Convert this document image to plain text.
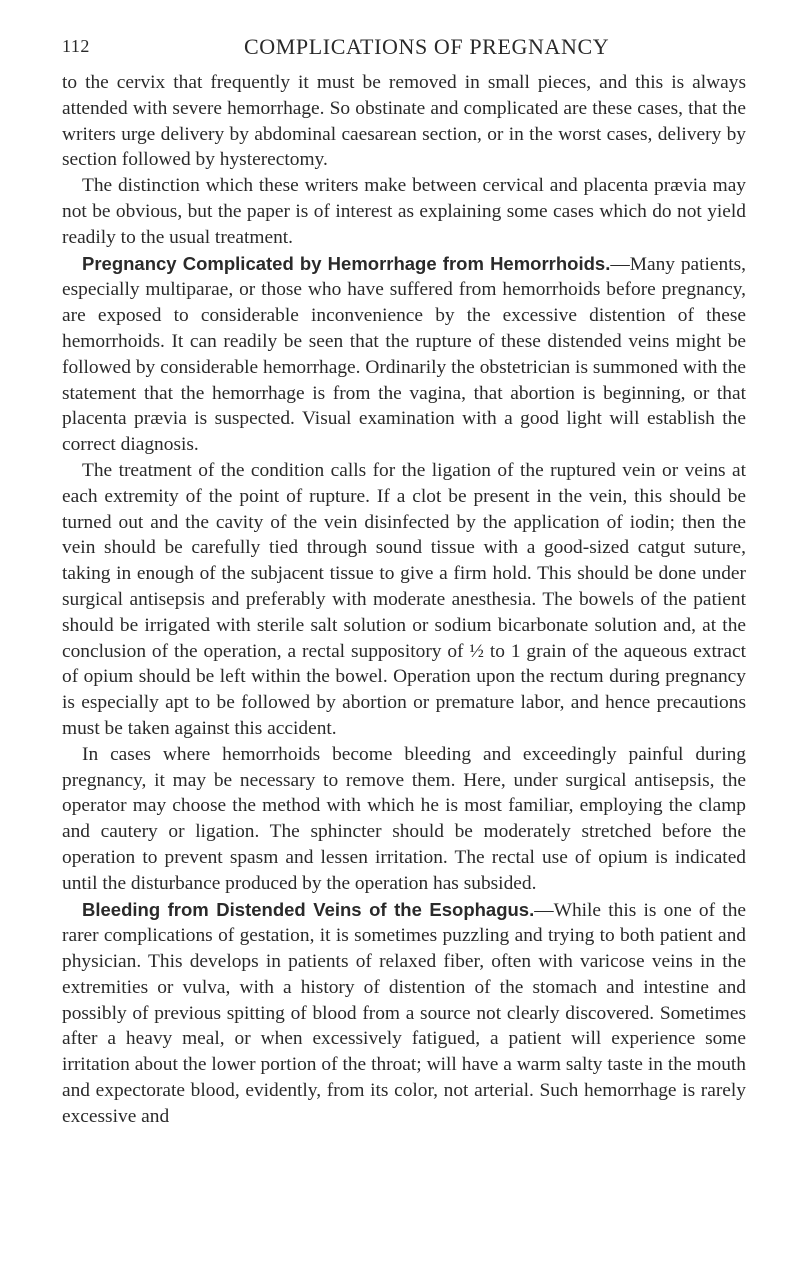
112	COMPLICATIONS OF PREGNANCY

to the cervix that frequently it must be removed in small pieces, and this is always attended with severe hemorrhage. So obstinate and complicated are these cases, that the writers urge delivery by abdominal caesarean section, or in the worst cases, delivery by section followed by hysterectomy.

The distinction which these writers make between cervical and placenta prævia may not be obvious, but the paper is of interest as explaining some cases which do not yield readily to the usual treatment.

Pregnancy Complicated by Hemorrhage from Hemorrhoids.—Many patients, especially multiparae, or those who have suffered from hemorrhoids before pregnancy, are exposed to considerable inconvenience by the excessive distention of these hemorrhoids. It can readily be seen that the rupture of these distended veins might be followed by considerable hemorrhage. Ordinarily the obstetrician is summoned with the statement that the hemorrhage is from the vagina, that abortion is beginning, or that placenta prævia is suspected. Visual examination with a good light will establish the correct diagnosis.

The treatment of the condition calls for the ligation of the ruptured vein or veins at each extremity of the point of rupture. If a clot be present in the vein, this should be turned out and the cavity of the vein disinfected by the application of iodin; then the vein should be carefully tied through sound tissue with a good-sized catgut suture, taking in enough of the subjacent tissue to give a firm hold. This should be done under surgical antisepsis and preferably with moderate anesthesia. The bowels of the patient should be irrigated with sterile salt solution or sodium bicarbonate solution and, at the conclusion of the operation, a rectal suppository of ½ to 1 grain of the aqueous extract of opium should be left within the bowel. Operation upon the rectum during pregnancy is especially apt to be followed by abortion or premature labor, and hence precautions must be taken against this accident.

In cases where hemorrhoids become bleeding and exceedingly painful during pregnancy, it may be necessary to remove them. Here, under surgical antisepsis, the operator may choose the method with which he is most familiar, employing the clamp and cautery or ligation. The sphincter should be moderately stretched before the operation to prevent spasm and lessen irritation. The rectal use of opium is indicated until the disturbance produced by the operation has subsided.

Bleeding from Distended Veins of the Esophagus.—While this is one of the rarer complications of gestation, it is sometimes puzzling and trying to both patient and physician. This develops in patients of relaxed fiber, often with varicose veins in the extremities or vulva, with a history of distention of the stomach and intestine and possibly of previous spitting of blood from a source not clearly discovered. Sometimes after a heavy meal, or when excessively fatigued, a patient will experience some irritation about the lower portion of the throat; will have a warm salty taste in the mouth and expectorate blood, evidently, from its color, not arterial. Such hemorrhage is rarely excessive and
